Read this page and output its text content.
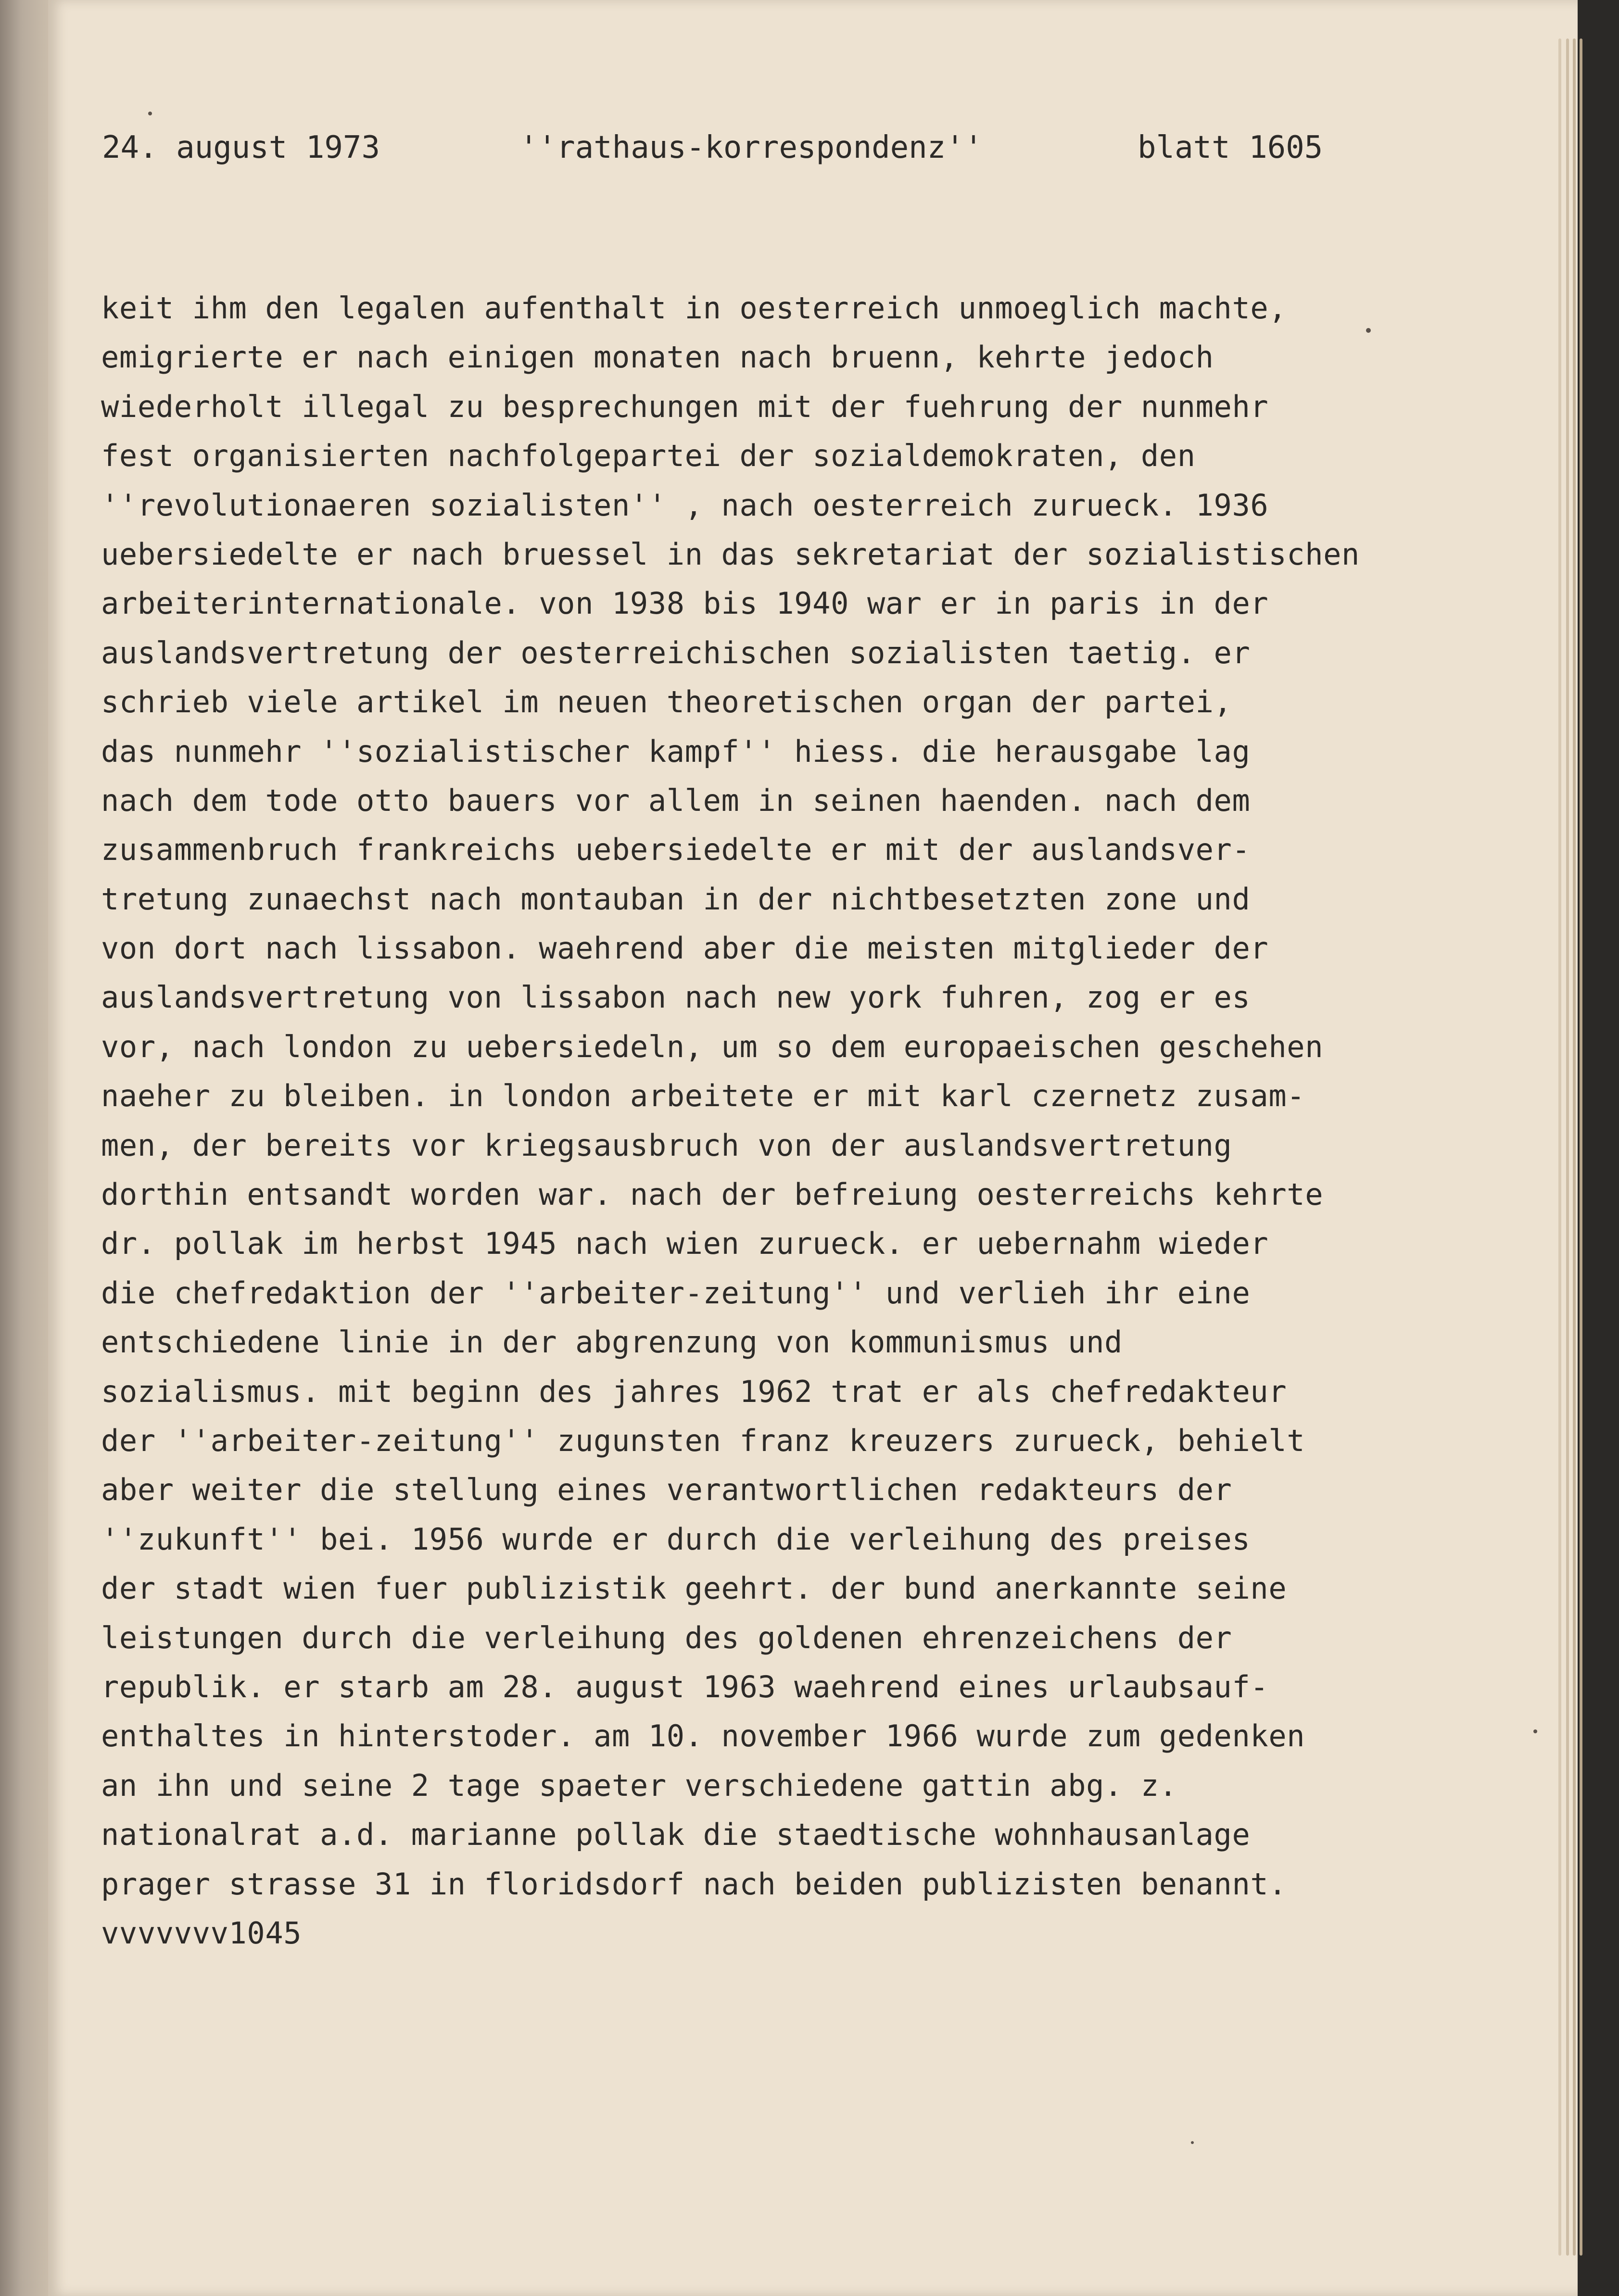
24. august 1973

	''rathaus-korrespondenz''

	blatt 1605

keit ihm den legalen aufenthalt in oesterreich unmoeglich machte,
emigrierte er nach einigen monaten nach bruenn, kehrte jedoch
wiederholt illegal zu besprechungen mit der fuehrung der nunmehr
fest organisierten nachfolgepartei der sozialdemokraten, den
''revolutionaeren sozialisten'' , nach oesterreich zurueck. 1936
uebersiedelte er nach bruessel in das sekretariat der sozialistischen
arbeiterinternationale. von 1938 bis 1940 war er in paris in der
auslandsvertretung der oesterreichischen sozialisten taetig. er
schrieb viele artikel im neuen theoretischen organ der partei,
das nunmehr ''sozialistischer kampf'' hiess. die herausgabe lag
nach dem tode otto bauers vor allem in seinen haenden. nach dem
zusammenbruch frankreichs uebersiedelte er mit der auslandsver-
tretung zunaechst nach montauban in der nichtbesetzten zone und
von dort nach lissabon. waehrend aber die meisten mitglieder der
auslandsvertretung von lissabon nach new york fuhren, zog er es
vor, nach london zu uebersiedeln, um so dem europaeischen geschehen
naeher zu bleiben. in london arbeitete er mit karl czernetz zusam-
men, der bereits vor kriegsausbruch von der auslandsvertretung
dorthin entsandt worden war. nach der befreiung oesterreichs kehrte
dr. pollak im herbst 1945 nach wien zurueck. er uebernahm wieder
die chefredaktion der ''arbeiter-zeitung'' und verlieh ihr eine
entschiedene linie in der abgrenzung von kommunismus und
sozialismus. mit beginn des jahres 1962 trat er als chefredakteur
der ''arbeiter-zeitung'' zugunsten franz kreuzers zurueck, behielt
aber weiter die stellung eines verantwortlichen redakteurs der
''zukunft'' bei. 1956 wurde er durch die verleihung des preises
der stadt wien fuer publizistik geehrt. der bund anerkannte seine
leistungen durch die verleihung des goldenen ehrenzeichens der
republik. er starb am 28. august 1963 waehrend eines urlaubsauf-
enthaltes in hinterstoder. am 10. november 1966 wurde zum gedenken
an ihn und seine 2 tage spaeter verschiedene gattin abg. z.
nationalrat a.d. marianne pollak die staedtische wohnhausanlage
prager strasse 31 in floridsdorf nach beiden publizisten benannt.
vvvvvvv1045
